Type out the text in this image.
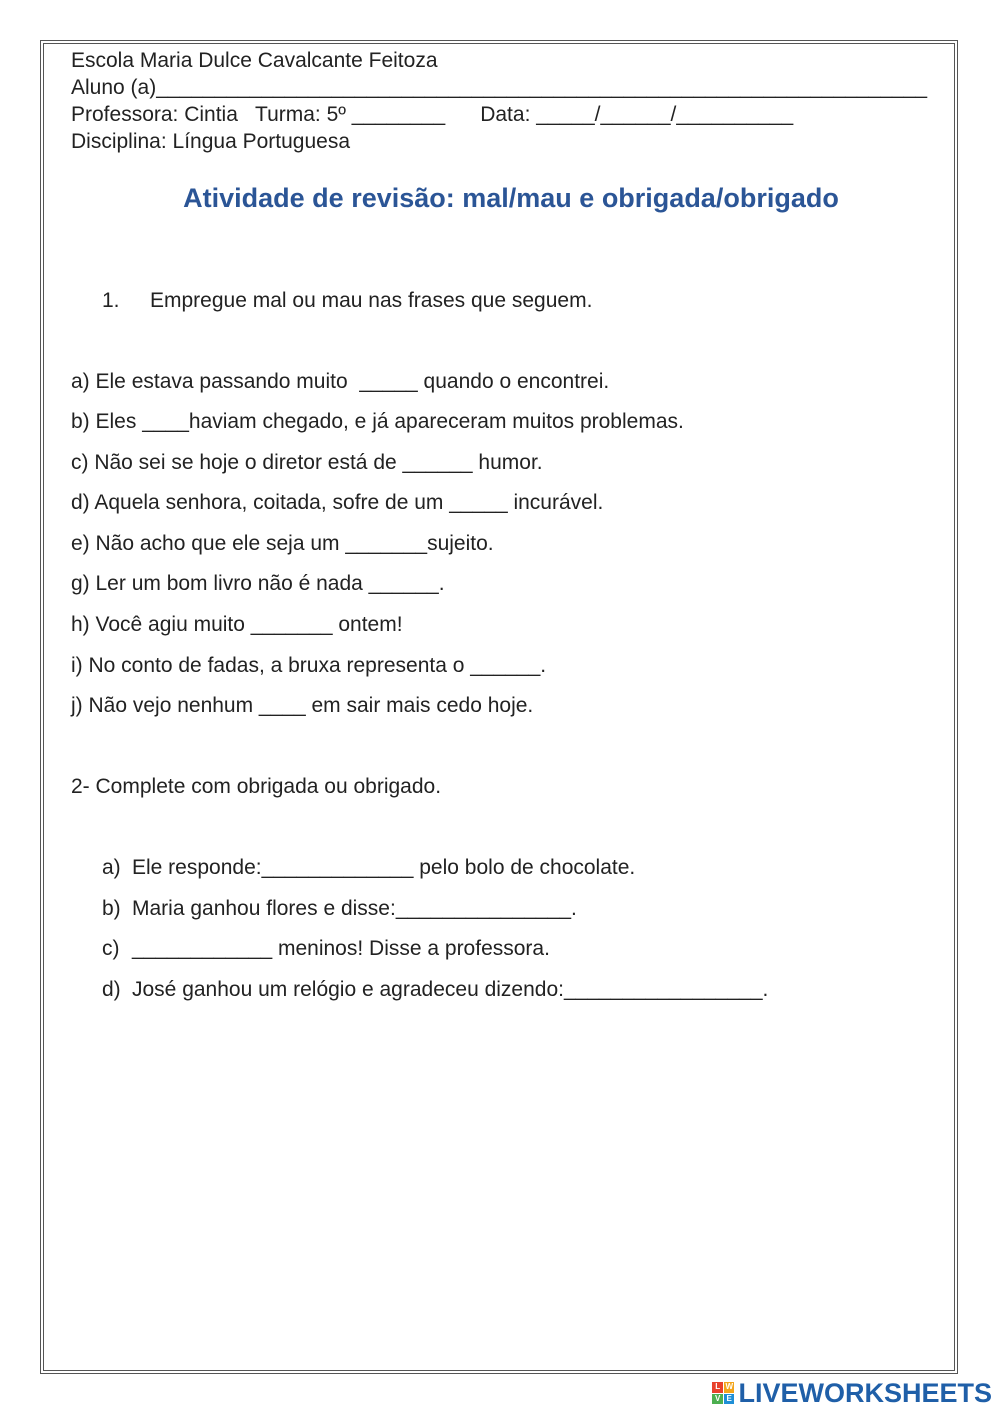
Escola Maria Dulce Cavalcante Feitoza
Aluno (a)__________________________________________________________________
Professora: Cintia   Turma: 5º ________      Data: _____/______/__________
Disciplina: Língua Portuguesa
Atividade de revisão: mal/mau e obrigada/obrigado
1. Empregue mal ou mau nas frases que seguem.
a) Ele estava passando muito  _____ quando o encontrei.
b) Eles ____haviam chegado, e já apareceram muitos problemas.
c) Não sei se hoje o diretor está de ______ humor.
d) Aquela senhora, coitada, sofre de um _____ incurável.
e) Não acho que ele seja um _______sujeito.
g) Ler um bom livro não é nada ______.
h) Você agiu muito _______ ontem!
i) No conto de fadas, a bruxa representa o ______.
j) Não vejo nenhum ____ em sair mais cedo hoje.
2- Complete com obrigada ou obrigado.
a) Ele responde:_____________ pelo bolo de chocolate.
b) Maria ganhou flores e disse:_______________.
c) ____________ meninos! Disse a professora.
d) José ganhou um relógio e agradeceu dizendo:_________________.
L W
V E LIVEWORKSHEETS
